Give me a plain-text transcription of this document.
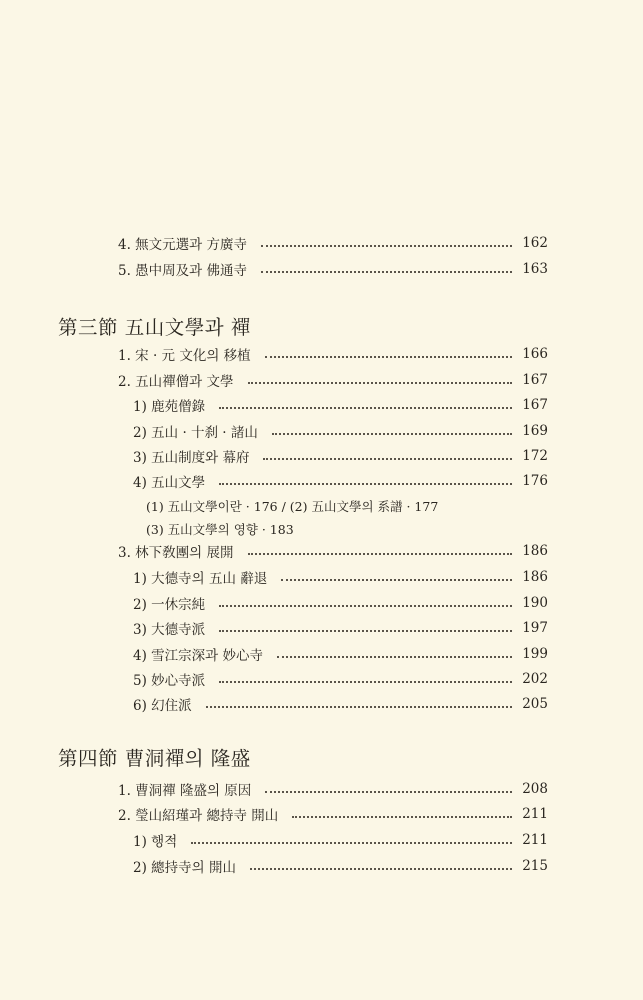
4. 無文元選과 方廣寺	162
5. 愚中周及과 佛通寺	163
第三節 五山文學과 禪
1. 宋 · 元 文化의 移植	166
2. 五山禪僧과 文學	167
1) 鹿苑僧錄	167
2) 五山 · 十刹 · 諸山	169
3) 五山制度와 幕府	172
4) 五山文學	176
(1) 五山文學이란 · 176 / (2) 五山文學의 系譜 · 177
(3) 五山文學의 영향 · 183
3. 林下敎團의 展開	186
1) 大德寺의 五山 辭退	186
2) 一休宗純	190
3) 大德寺派	197
4) 雪江宗深과 妙心寺	199
5) 妙心寺派	202
6) 幻住派	205
第四節 曹洞禪의 隆盛
1. 曹洞禪 隆盛의 原因	208
2. 瑩山紹瑾과 總持寺 開山	211
1) 행적	211
2) 總持寺의 開山	215
